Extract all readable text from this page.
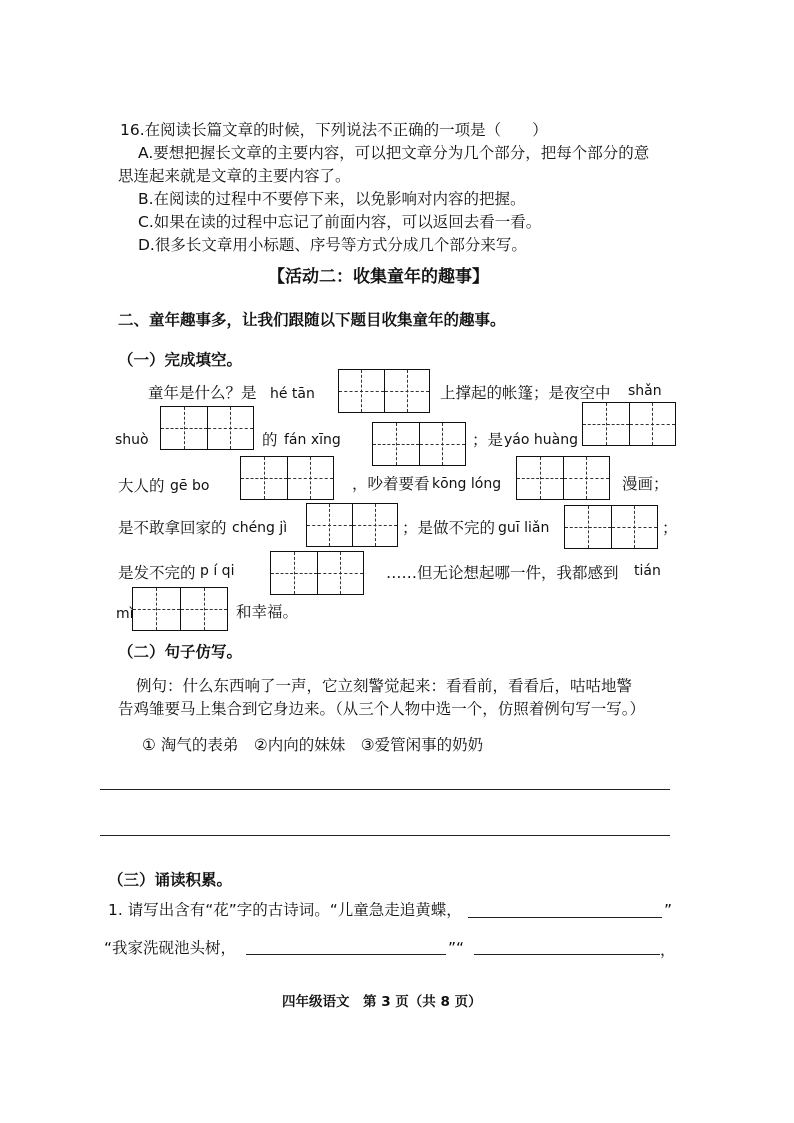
16.在阅读长篇文章的时候，下列说法不正确的一项是（　　）
A.要想把握长文章的主要内容，可以把文章分为几个部分，把每个部分的意
思连起来就是文章的主要内容了。
B.在阅读的过程中不要停下来，以免影响对内容的把握。
C.如果在读的过程中忘记了前面内容，可以返回去看一看。
D.很多长文章用小标题、序号等方式分成几个部分来写。
【活动二：收集童年的趣事】
二、童年趣事多，让我们跟随以下题目收集童年的趣事。
（一）完成填空。
童年是什么？是 hé tān	上撑起的帐篷；是夜空中 shǎn
shuò	的 fán xīng	；是 yáo huàng
大人的 gē bo	，吵着要看 kōng lóng	漫画；
是不敢拿回家的 chéng jì	；是做不完的 guī liǎn	；
是发不完的 p í qi	……但无论想起哪一件，我都感到 tián
mì	和幸福。
（二）句子仿写。
例句：什么东西响了一声，它立刻警觉起来：看看前，看看后，咕咕地警
告鸡雏要马上集合到它身边来。（从三个人物中选一个，仿照着例句写一写。）
① 淘气的表弟　②内向的妹妹　③爱管闲事的奶奶
（三）诵读积累。
1. 请写出含有“花”字的古诗词。“儿童急走追黄蝶，	”
“我家洗砚池头树，	”“	，
四年级语文　第 3 页（共 8 页）
